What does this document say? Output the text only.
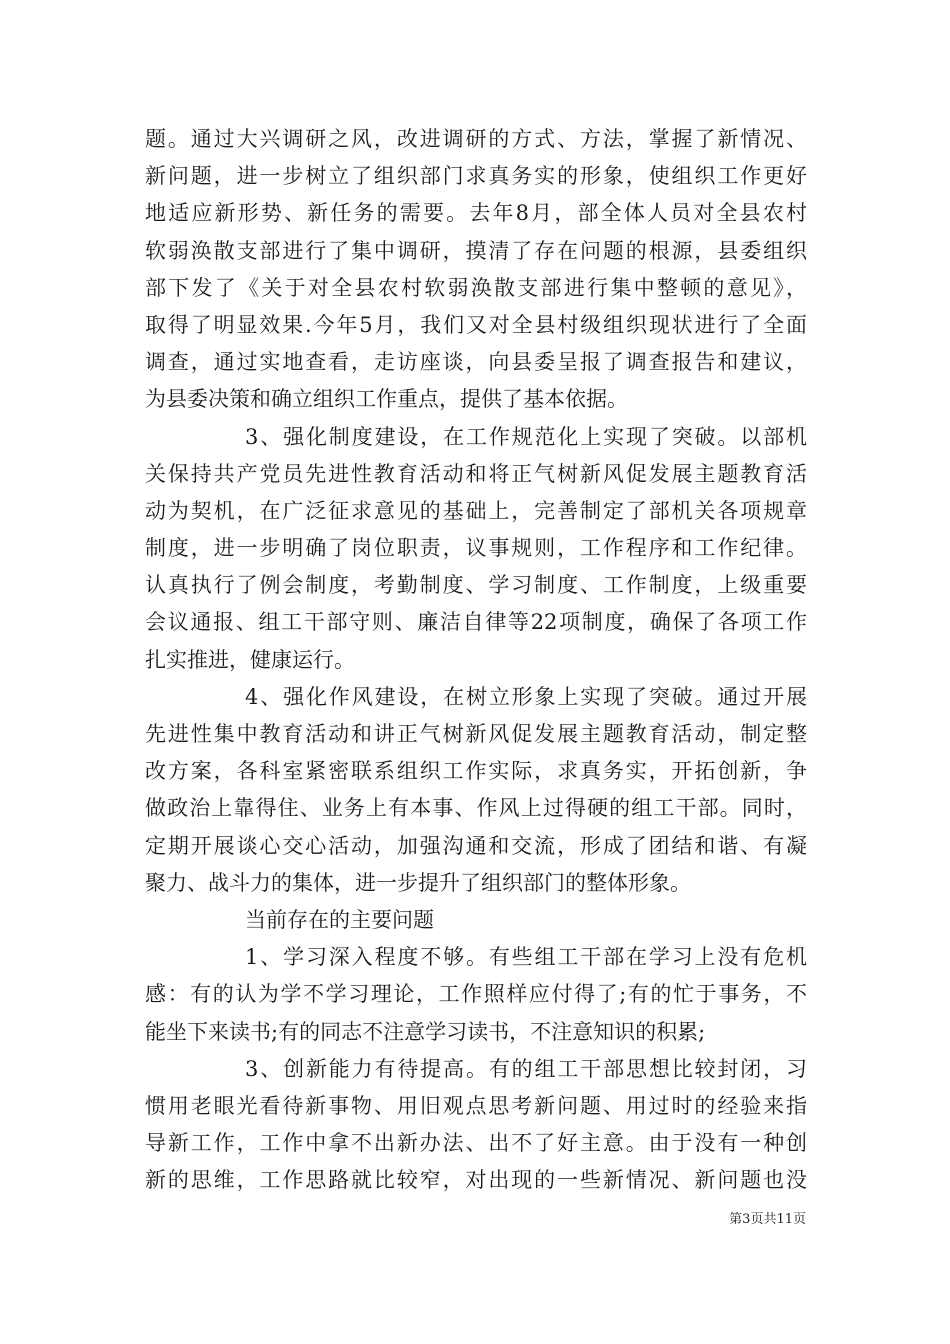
题。通过大兴调研之风，改进调研的方式、方法，掌握了新情况、
新问题，进一步树立了组织部门求真务实的形象，使组织工作更好
地适应新形势、新任务的需要。去年8月，部全体人员对全县农村
软弱涣散支部进行了集中调研，摸清了存在问题的根源，县委组织
部下发了《关于对全县农村软弱涣散支部进行集中整顿的意见》，
取得了明显效果.今年5月，我们又对全县村级组织现状进行了全面
调查，通过实地查看，走访座谈，向县委呈报了调查报告和建议，
为县委决策和确立组织工作重点，提供了基本依据。
3、强化制度建设，在工作规范化上实现了突破。以部机
关保持共产党员先进性教育活动和将正气树新风促发展主题教育活
动为契机，在广泛征求意见的基础上，完善制定了部机关各项规章
制度，进一步明确了岗位职责，议事规则，工作程序和工作纪律。
认真执行了例会制度，考勤制度、学习制度、工作制度，上级重要
会议通报、组工干部守则、廉洁自律等22项制度，确保了各项工作
扎实推进，健康运行。
4、强化作风建设，在树立形象上实现了突破。通过开展
先进性集中教育活动和讲正气树新风促发展主题教育活动，制定整
改方案，各科室紧密联系组织工作实际，求真务实，开拓创新，争
做政治上靠得住、业务上有本事、作风上过得硬的组工干部。同时，
定期开展谈心交心活动，加强沟通和交流，形成了团结和谐、有凝
聚力、战斗力的集体，进一步提升了组织部门的整体形象。
当前存在的主要问题
1、学习深入程度不够。有些组工干部在学习上没有危机
感：有的认为学不学习理论，工作照样应付得了;有的忙于事务，不
能坐下来读书;有的同志不注意学习读书，不注意知识的积累;
3、创新能力有待提高。有的组工干部思想比较封闭，习
惯用老眼光看待新事物、用旧观点思考新问题、用过时的经验来指
导新工作，工作中拿不出新办法、出不了好主意。由于没有一种创
新的思维，工作思路就比较窄，对出现的一些新情况、新问题也没
第3页共11页
